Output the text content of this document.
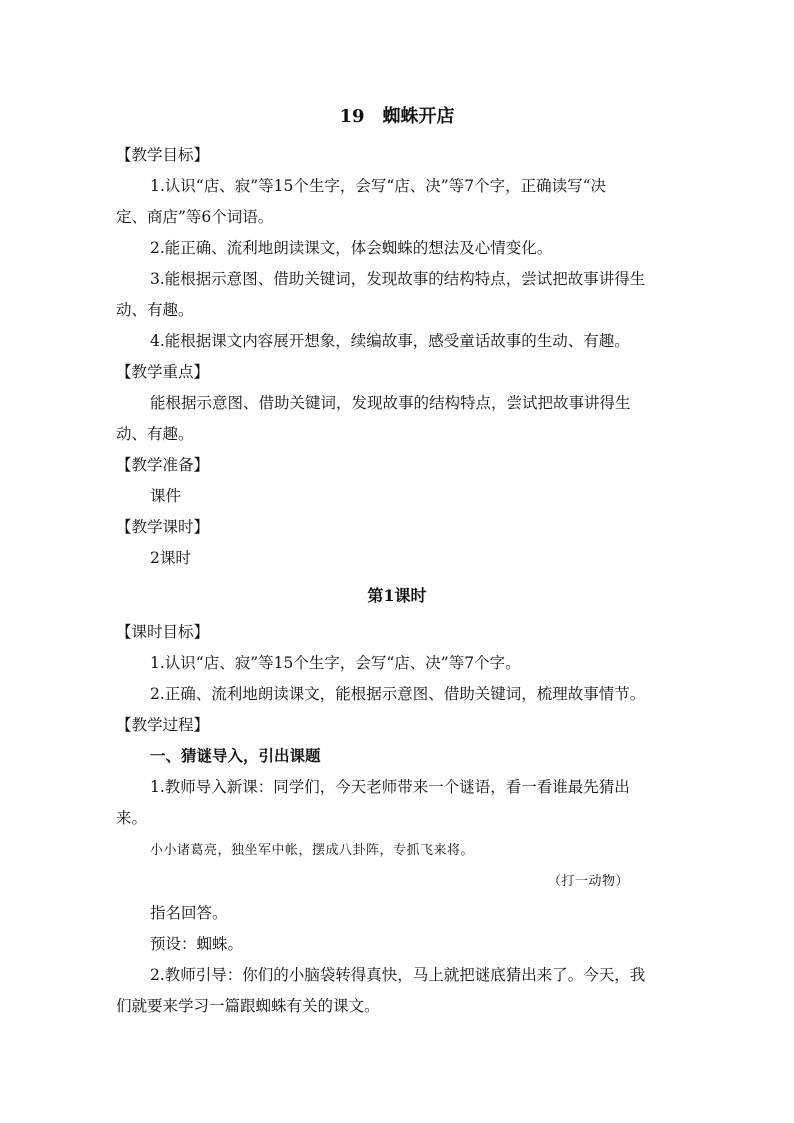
19　蜘蛛开店
【教学目标】
1.认识“店、寂”等15个生字，会写“店、决”等7个字，正确读写“决
定、商店”等6个词语。
2.能正确、流利地朗读课文，体会蜘蛛的想法及心情变化。
3.能根据示意图、借助关键词，发现故事的结构特点，尝试把故事讲得生
动、有趣。
4.能根据课文内容展开想象，续编故事，感受童话故事的生动、有趣。
【教学重点】
能根据示意图、借助关键词，发现故事的结构特点，尝试把故事讲得生
动、有趣。
【教学准备】
课件
【教学课时】
2课时
第1课时
【课时目标】
1.认识“店、寂”等15个生字，会写“店、决”等7个字。
2.正确、流利地朗读课文，能根据示意图、借助关键词，梳理故事情节。
【教学过程】
一、猜谜导入，引出课题
1.教师导入新课：同学们，今天老师带来一个谜语，看一看谁最先猜出
来。
小小诸葛亮，独坐军中帐，摆成八卦阵，专抓飞来将。
（打一动物）
指名回答。
预设：蜘蛛。
2.教师引导：你们的小脑袋转得真快，马上就把谜底猜出来了。今天，我
们就要来学习一篇跟蜘蛛有关的课文。
